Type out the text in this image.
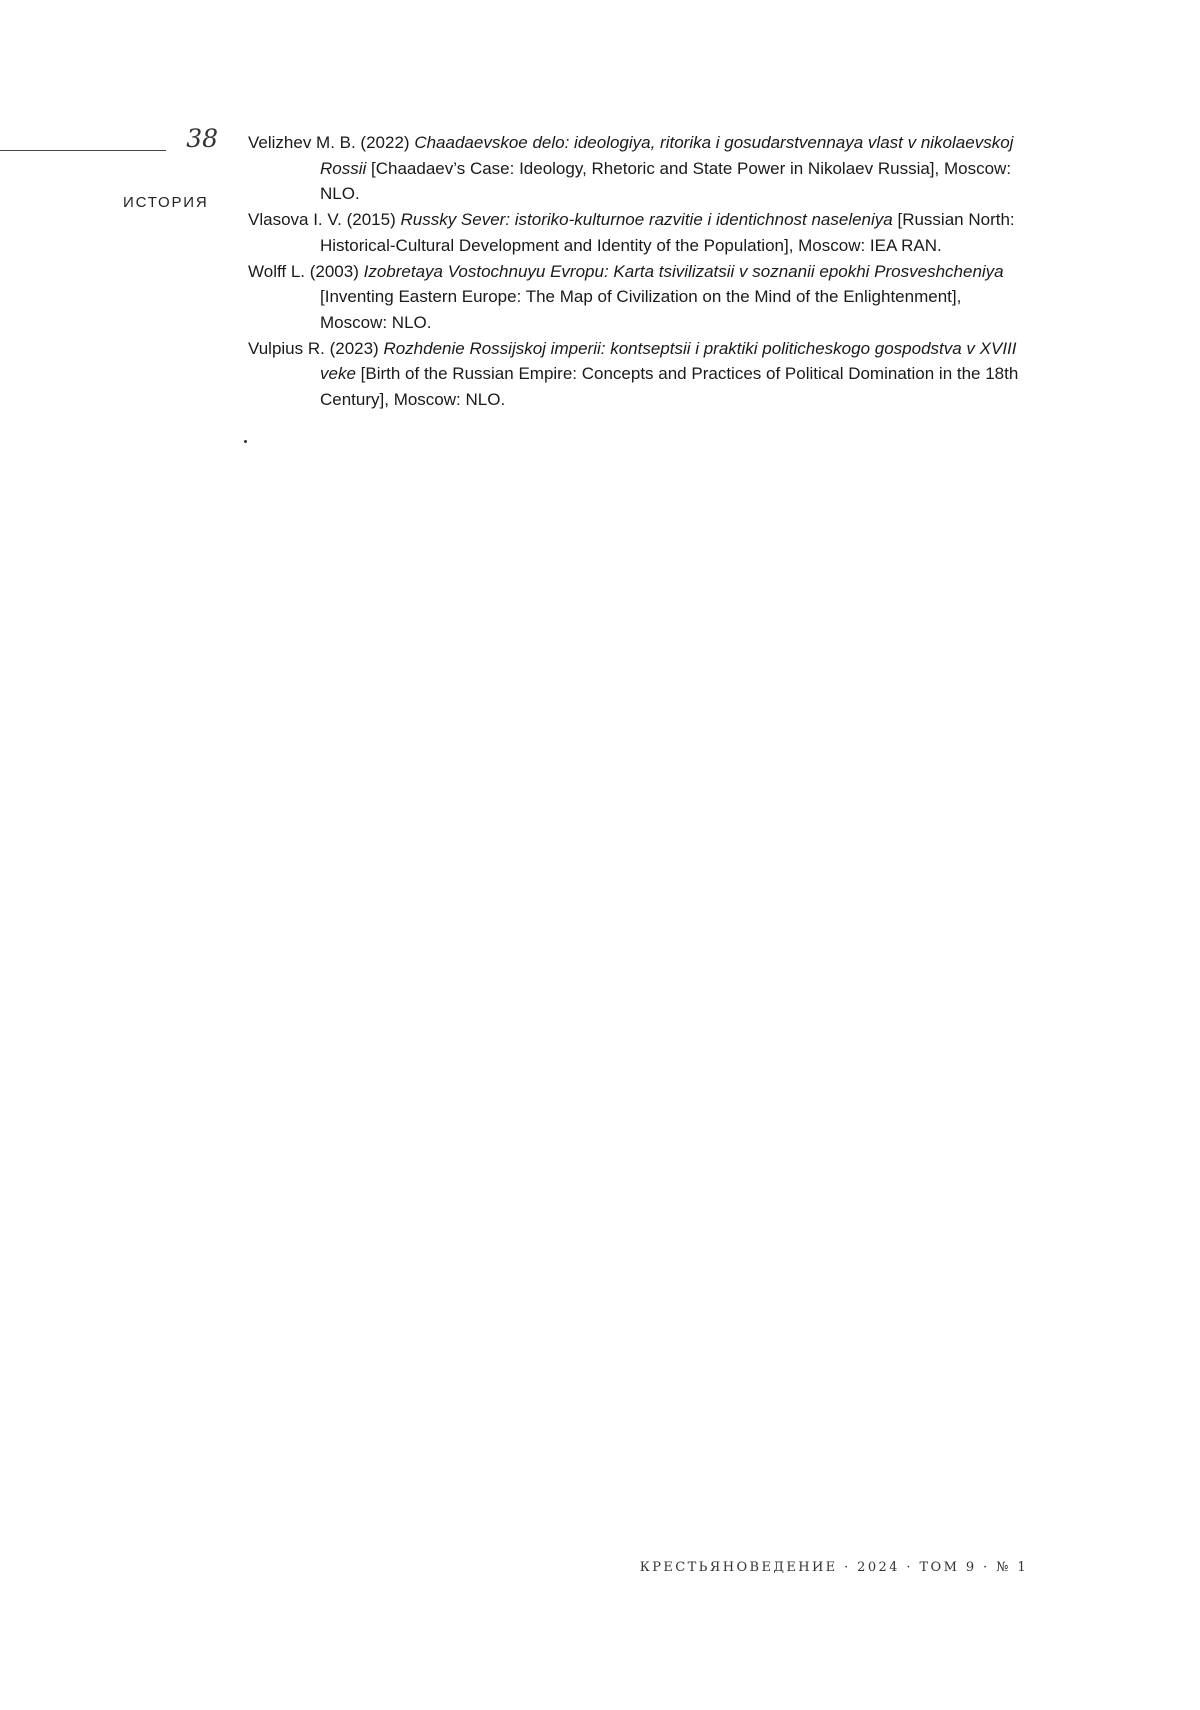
38
ИСТОРИЯ

Velizhev M. B. (2022) Chaadaevskoe delo: ideologiya, ritorika i gosudarstvennaya vlast v nikolaevskoj Rossii [Chaadaev’s Case: Ideology, Rhetoric and State Power in Nikolaev Russia], Moscow: NLO.

Vlasova I. V. (2015) Russky Sever: istoriko-kulturnoe razvitie i identichnost naseleniya [Russian North: Historical-Cultural Development and Identity of the Population], Moscow: IEA RAN.

Wolff L. (2003) Izobretaya Vostochnuyu Evropu: Karta tsivilizatsii v soznanii epokhi Prosveshcheniya [Inventing Eastern Europe: The Map of Civilization on the Mind of the Enlightenment], Moscow: NLO.

Vulpius R. (2023) Rozhdenie Rossijskoj imperii: kontseptsii i praktiki politicheskogo gospodstva v XVIII veke [Birth of the Russian Empire: Concepts and Practices of Political Domination in the 18th Century], Moscow: NLO.

КРЕСТЬЯНОВЕДЕНИЕ · 2024 · ТОМ 9 · № 1
